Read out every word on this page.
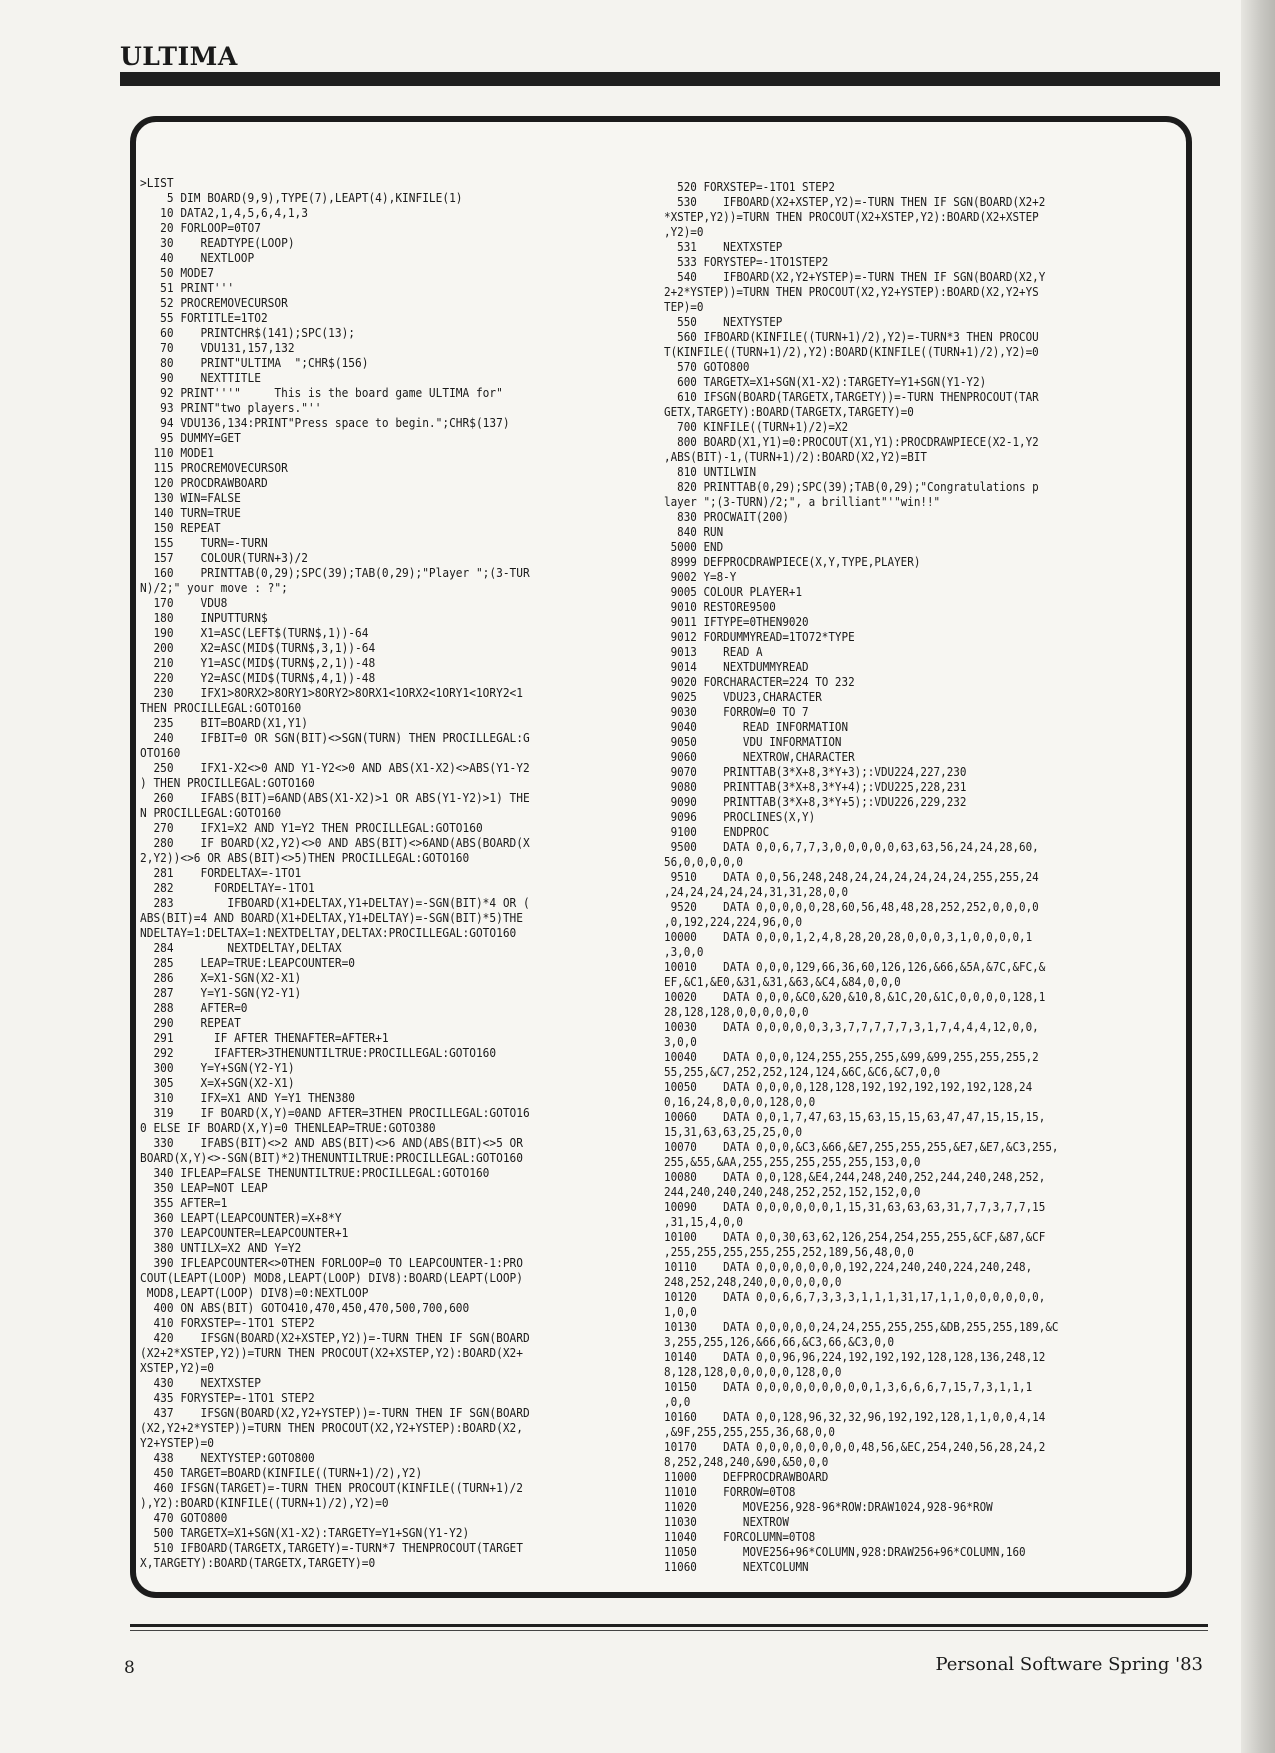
ULTIMA
>LIST
5 DIM BOARD(9,9),TYPE(7),LEAPT(4),KINFILE(1)
10 DATA2,1,4,5,6,4,1,3
20 FORLOOP=0TO7
30    READTYPE(LOOP)
40    NEXTLOOP
50 MODE7
51 PRINT'''
52 PROCREMOVECURSOR
55 FORTITLE=1TO2
60    PRINTCHR$(141);SPC(13);
70    VDU131,157,132
80    PRINT"ULTIMA  ";CHR$(156)
90    NEXTTITLE
92 PRINT'''"     This is the board game ULTIMA for"
93 PRINT"two players."''
94 VDU136,134:PRINT"Press space to begin.";CHR$(137)
95 DUMMY=GET
110 MODE1
115 PROCREMOVECURSOR
120 PROCDRAWBOARD
130 WIN=FALSE
140 TURN=TRUE
150 REPEAT
155    TURN=-TURN
157    COLOUR(TURN+3)/2
160    PRINTTAB(0,29);SPC(39);TAB(0,29);"Player ";(3-TUR
N)/2;" your move : ?";
170    VDU8
180    INPUTTURN$
190    X1=ASC(LEFT$(TURN$,1))-64
200    X2=ASC(MID$(TURN$,3,1))-64
210    Y1=ASC(MID$(TURN$,2,1))-48
220    Y2=ASC(MID$(TURN$,4,1))-48
230    IFX1>8ORX2>8ORY1>8ORY2>8ORX1<1ORX2<1ORY1<1ORY2<1
THEN PROCILLEGAL:GOTO160
235    BIT=BOARD(X1,Y1)
240    IFBIT=0 OR SGN(BIT)<>SGN(TURN) THEN PROCILLEGAL:G
OTO160
250    IFX1-X2<>0 AND Y1-Y2<>0 AND ABS(X1-X2)<>ABS(Y1-Y2
) THEN PROCILLEGAL:GOTO160
260    IFABS(BIT)=6AND(ABS(X1-X2)>1 OR ABS(Y1-Y2)>1) THE
N PROCILLEGAL:GOTO160
270    IFX1=X2 AND Y1=Y2 THEN PROCILLEGAL:GOTO160
280    IF BOARD(X2,Y2)<>0 AND ABS(BIT)<>6AND(ABS(BOARD(X
2,Y2))<>6 OR ABS(BIT)<>5)THEN PROCILLEGAL:GOTO160
281    FORDELTAX=-1TO1
282      FORDELTAY=-1TO1
283        IFBOARD(X1+DELTAX,Y1+DELTAY)=-SGN(BIT)*4 OR (
ABS(BIT)=4 AND BOARD(X1+DELTAX,Y1+DELTAY)=-SGN(BIT)*5)THE
NDELTAY=1:DELTAX=1:NEXTDELTAY,DELTAX:PROCILLEGAL:GOTO160
284        NEXTDELTAY,DELTAX
285    LEAP=TRUE:LEAPCOUNTER=0
286    X=X1-SGN(X2-X1)
287    Y=Y1-SGN(Y2-Y1)
288    AFTER=0
290    REPEAT
291      IF AFTER THENAFTER=AFTER+1
292      IFAFTER>3THENUNTILTRUE:PROCILLEGAL:GOTO160
300    Y=Y+SGN(Y2-Y1)
305    X=X+SGN(X2-X1)
310    IFX=X1 AND Y=Y1 THEN380
319    IF BOARD(X,Y)=0AND AFTER=3THEN PROCILLEGAL:GOTO16
0 ELSE IF BOARD(X,Y)=0 THENLEAP=TRUE:GOTO380
330    IFABS(BIT)<>2 AND ABS(BIT)<>6 AND(ABS(BIT)<>5 OR
BOARD(X,Y)<>-SGN(BIT)*2)THENUNTILTRUE:PROCILLEGAL:GOTO160
340 IFLEAP=FALSE THENUNTILTRUE:PROCILLEGAL:GOTO160
350 LEAP=NOT LEAP
355 AFTER=1
360 LEAPT(LEAPCOUNTER)=X+8*Y
370 LEAPCOUNTER=LEAPCOUNTER+1
380 UNTILX=X2 AND Y=Y2
390 IFLEAPCOUNTER<>0THEN FORLOOP=0 TO LEAPCOUNTER-1:PRO
COUT(LEAPT(LOOP) MOD8,LEAPT(LOOP) DIV8):BOARD(LEAPT(LOOP)
MOD8,LEAPT(LOOP) DIV8)=0:NEXTLOOP
400 ON ABS(BIT) GOTO410,470,450,470,500,700,600
410 FORXSTEP=-1TO1 STEP2
420    IFSGN(BOARD(X2+XSTEP,Y2))=-TURN THEN IF SGN(BOARD
(X2+2*XSTEP,Y2))=TURN THEN PROCOUT(X2+XSTEP,Y2):BOARD(X2+
XSTEP,Y2)=0
430    NEXTXSTEP
435 FORYSTEP=-1TO1 STEP2
437    IFSGN(BOARD(X2,Y2+YSTEP))=-TURN THEN IF SGN(BOARD
(X2,Y2+2*YSTEP))=TURN THEN PROCOUT(X2,Y2+YSTEP):BOARD(X2,
Y2+YSTEP)=0
438    NEXTYSTEP:GOTO800
450 TARGET=BOARD(KINFILE((TURN+1)/2),Y2)
460 IFSGN(TARGET)=-TURN THEN PROCOUT(KINFILE((TURN+1)/2
),Y2):BOARD(KINFILE((TURN+1)/2),Y2)=0
470 GOTO800
500 TARGETX=X1+SGN(X1-X2):TARGETY=Y1+SGN(Y1-Y2)
510 IFBOARD(TARGETX,TARGETY)=-TURN*7 THENPROCOUT(TARGET
X,TARGETY):BOARD(TARGETX,TARGETY)=0
520 FORXSTEP=-1TO1 STEP2
530    IFBOARD(X2+XSTEP,Y2)=-TURN THEN IF SGN(BOARD(X2+2
*XSTEP,Y2))=TURN THEN PROCOUT(X2+XSTEP,Y2):BOARD(X2+XSTEP
,Y2)=0
531    NEXTXSTEP
533 FORYSTEP=-1TO1STEP2
540    IFBOARD(X2,Y2+YSTEP)=-TURN THEN IF SGN(BOARD(X2,Y
2+2*YSTEP))=TURN THEN PROCOUT(X2,Y2+YSTEP):BOARD(X2,Y2+YS
TEP)=0
550    NEXTYSTEP
560 IFBOARD(KINFILE((TURN+1)/2),Y2)=-TURN*3 THEN PROCOU
T(KINFILE((TURN+1)/2),Y2):BOARD(KINFILE((TURN+1)/2),Y2)=0
570 GOTO800
600 TARGETX=X1+SGN(X1-X2):TARGETY=Y1+SGN(Y1-Y2)
610 IFSGN(BOARD(TARGETX,TARGETY))=-TURN THENPROCOUT(TAR
GETX,TARGETY):BOARD(TARGETX,TARGETY)=0
700 KINFILE((TURN+1)/2)=X2
800 BOARD(X1,Y1)=0:PROCOUT(X1,Y1):PROCDRAWPIECE(X2-1,Y2
,ABS(BIT)-1,(TURN+1)/2):BOARD(X2,Y2)=BIT
810 UNTILWIN
820 PRINTTAB(0,29);SPC(39);TAB(0,29);"Congratulations p
layer ";(3-TURN)/2;", a brilliant"'"win!!"
830 PROCWAIT(200)
840 RUN
5000 END
8999 DEFPROCDRAWPIECE(X,Y,TYPE,PLAYER)
9002 Y=8-Y
9005 COLOUR PLAYER+1
9010 RESTORE9500
9011 IFTYPE=0THEN9020
9012 FORDUMMYREAD=1TO72*TYPE
9013    READ A
9014    NEXTDUMMYREAD
9020 FORCHARACTER=224 TO 232
9025    VDU23,CHARACTER
9030    FORROW=0 TO 7
9040       READ INFORMATION
9050       VDU INFORMATION
9060       NEXTROW,CHARACTER
9070    PRINTTAB(3*X+8,3*Y+3);:VDU224,227,230
9080    PRINTTAB(3*X+8,3*Y+4);:VDU225,228,231
9090    PRINTTAB(3*X+8,3*Y+5);:VDU226,229,232
9096    PROCLINES(X,Y)
9100    ENDPROC
9500    DATA 0,0,6,7,7,3,0,0,0,0,0,63,63,56,24,24,28,60,
56,0,0,0,0,0
9510    DATA 0,0,56,248,248,24,24,24,24,24,24,255,255,24
,24,24,24,24,24,31,31,28,0,0
9520    DATA 0,0,0,0,0,28,60,56,48,48,28,252,252,0,0,0,0
,0,192,224,224,96,0,0
10000    DATA 0,0,0,1,2,4,8,28,20,28,0,0,0,3,1,0,0,0,0,1
,3,0,0
10010    DATA 0,0,0,129,66,36,60,126,126,&66,&5A,&7C,&FC,&
EF,&C1,&E0,&31,&31,&63,&C4,&84,0,0,0
10020    DATA 0,0,0,&C0,&20,&10,8,&1C,20,&1C,0,0,0,0,128,1
28,128,128,0,0,0,0,0,0
10030    DATA 0,0,0,0,0,3,3,7,7,7,7,7,3,1,7,4,4,4,12,0,0,
3,0,0
10040    DATA 0,0,0,124,255,255,255,&99,&99,255,255,255,2
55,255,&C7,252,252,124,124,&6C,&C6,&C7,0,0
10050    DATA 0,0,0,0,128,128,192,192,192,192,192,128,24
0,16,24,8,0,0,0,128,0,0
10060    DATA 0,0,1,7,47,63,15,63,15,15,63,47,47,15,15,15,
15,31,63,63,25,25,0,0
10070    DATA 0,0,0,&C3,&66,&E7,255,255,255,&E7,&E7,&C3,255,
255,&55,&AA,255,255,255,255,255,153,0,0
10080    DATA 0,0,128,&E4,244,248,240,252,244,240,248,252,
244,240,240,240,248,252,252,152,152,0,0
10090    DATA 0,0,0,0,0,0,1,15,31,63,63,63,31,7,7,3,7,7,15
,31,15,4,0,0
10100    DATA 0,0,30,63,62,126,254,254,255,255,&CF,&87,&CF
,255,255,255,255,255,252,189,56,48,0,0
10110    DATA 0,0,0,0,0,0,0,192,224,240,240,224,240,248,
248,252,248,240,0,0,0,0,0,0
10120    DATA 0,0,6,6,7,3,3,3,1,1,1,31,17,1,1,0,0,0,0,0,0,
1,0,0
10130    DATA 0,0,0,0,0,24,24,255,255,255,&DB,255,255,189,&C
3,255,255,126,&66,66,&C3,66,&C3,0,0
10140    DATA 0,0,96,96,224,192,192,192,128,128,136,248,12
8,128,128,0,0,0,0,0,128,0,0
10150    DATA 0,0,0,0,0,0,0,0,0,1,3,6,6,6,7,15,7,3,1,1,1
,0,0
10160    DATA 0,0,128,96,32,32,96,192,192,128,1,1,0,0,4,14
,&9F,255,255,255,36,68,0,0
10170    DATA 0,0,0,0,0,0,0,0,48,56,&EC,254,240,56,28,24,2
8,252,248,240,&90,&50,0,0
11000    DEFPROCDRAWBOARD
11010    FORROW=0TO8
11020       MOVE256,928-96*ROW:DRAW1024,928-96*ROW
11030       NEXTROW
11040    FORCOLUMN=0TO8
11050       MOVE256+96*COLUMN,928:DRAW256+96*COLUMN,160
11060       NEXTCOLUMN
8	Personal Software Spring '83
